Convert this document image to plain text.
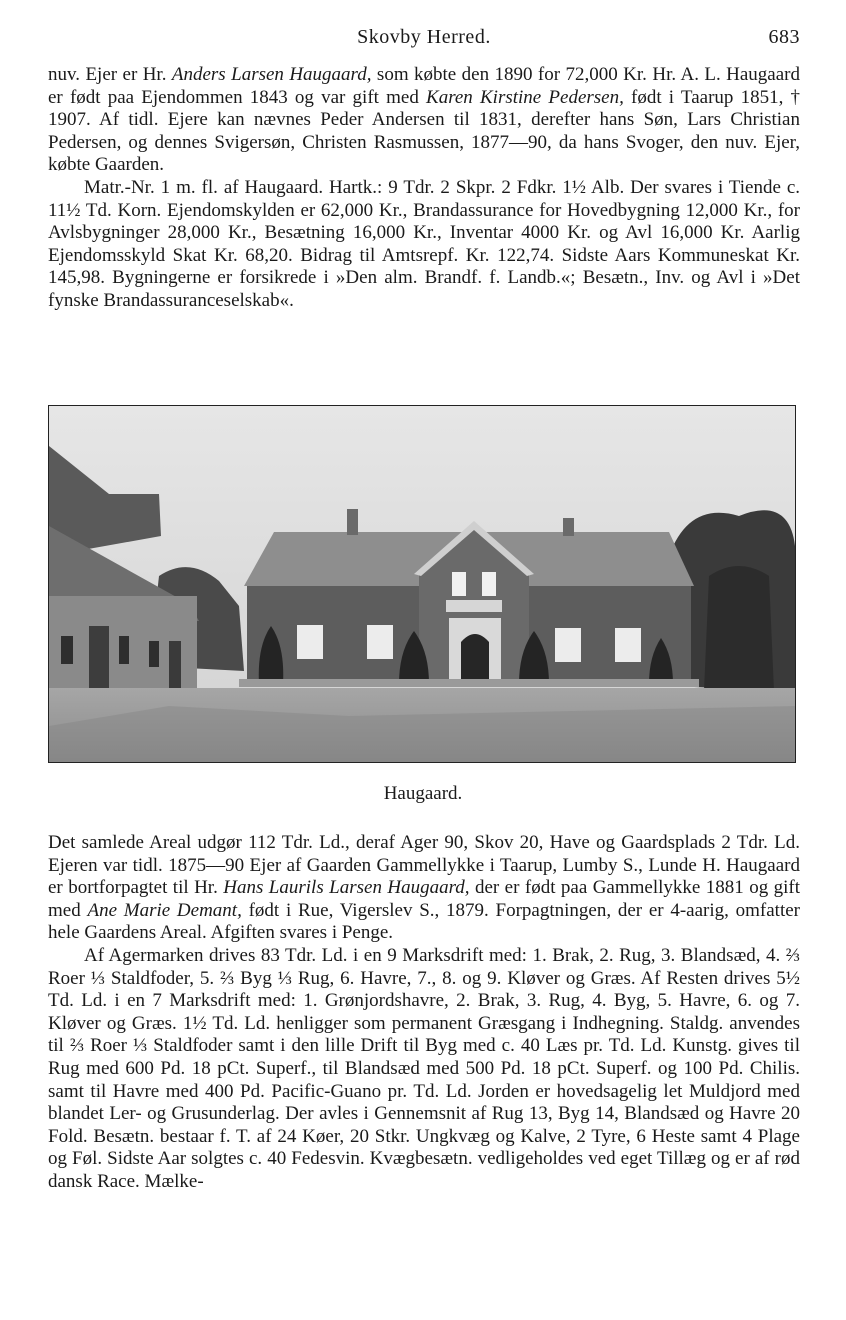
Skovby Herred.	683

nuv. Ejer er Hr. Anders Larsen Haugaard, som købte den 1890 for 72,000 Kr. Hr. A. L. Haugaard er født paa Ejendommen 1843 og var gift med Karen Kirstine Pedersen, født i Taarup 1851, † 1907. Af tidl. Ejere kan nævnes Peder Andersen til 1831, derefter hans Søn, Lars Christian Pedersen, og dennes Svigersøn, Christen Rasmussen, 1877—90, da hans Svoger, den nuv. Ejer, købte Gaarden.

Matr.-Nr. 1 m. fl. af Haugaard. Hartk.: 9 Tdr. 2 Skpr. 2 Fdkr. 1½ Alb. Der svares i Tiende c. 11½ Td. Korn. Ejendomskylden er 62,000 Kr., Brandassurance for Hovedbygning 12,000 Kr., for Avlsbygninger 28,000 Kr., Besætning 16,000 Kr., Inventar 4000 Kr. og Avl 16,000 Kr. Aarlig Ejendomsskyld Skat Kr. 68,20. Bidrag til Amtsrepf. Kr. 122,74. Sidste Aars Kommuneskat Kr. 145,98. Bygningerne er forsikrede i »Den alm. Brandf. f. Landb.«; Besætn., Inv. og Avl i »Det fynske Brandassuranceselskab«.

Haugaard.

Det samlede Areal udgør 112 Tdr. Ld., deraf Ager 90, Skov 20, Have og Gaardsplads 2 Tdr. Ld. Ejeren var tidl. 1875—90 Ejer af Gaarden Gammellykke i Taarup, Lumby S., Lunde H. Haugaard er bortforpagtet til Hr. Hans Laurils Larsen Haugaard, der er født paa Gammellykke 1881 og gift med Ane Marie Demant, født i Rue, Vigerslev S., 1879. Forpagtningen, der er 4-aarig, omfatter hele Gaardens Areal. Afgiften svares i Penge.

Af Agermarken drives 83 Tdr. Ld. i en 9 Marksdrift med: 1. Brak, 2. Rug, 3. Blandsæd, 4. ⅔ Roer ⅓ Staldfoder, 5. ⅔ Byg ⅓ Rug, 6. Havre, 7., 8. og 9. Kløver og Græs. Af Resten drives 5½ Td. Ld. i en 7 Marksdrift med: 1. Grønjordshavre, 2. Brak, 3. Rug, 4. Byg, 5. Havre, 6. og 7. Kløver og Græs. 1½ Td. Ld. henligger som permanent Græsgang i Indhegning. Staldg. anvendes til ⅔ Roer ⅓ Staldfoder samt i den lille Drift til Byg med c. 40 Læs pr. Td. Ld. Kunstg. gives til Rug med 600 Pd. 18 pCt. Superf., til Blandsæd med 500 Pd. 18 pCt. Superf. og 100 Pd. Chilis. samt til Havre med 400 Pd. Pacific-Guano pr. Td. Ld. Jorden er hovedsagelig let Muldjord med blandet Ler- og Grusunderlag. Der avles i Gennemsnit af Rug 13, Byg 14, Blandsæd og Havre 20 Fold. Besætn. bestaar f. T. af 24 Køer, 20 Stkr. Ungkvæg og Kalve, 2 Tyre, 6 Heste samt 4 Plage og Føl. Sidste Aar solgtes c. 40 Fedesvin. Kvægbesætn. vedligeholdes ved eget Tillæg og er af rød dansk Race. Mælke-
